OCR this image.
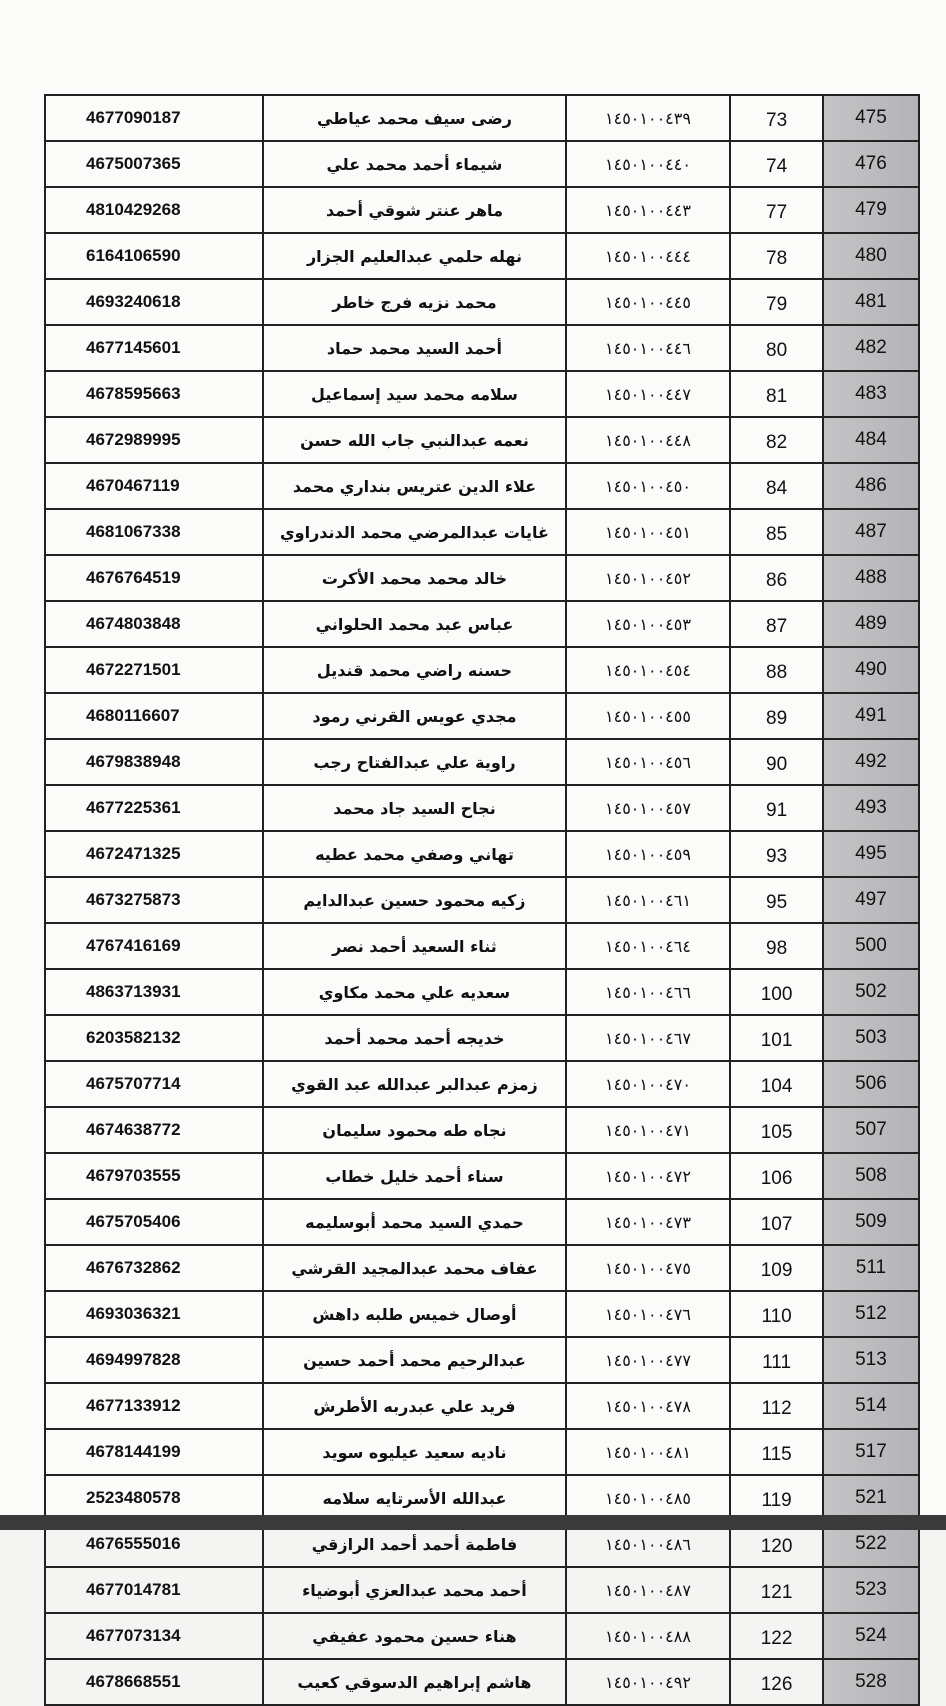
4677090187	رضى سيف محمد عياطي	١٤٥٠١٠٠٤٣٩	73	475
4675007365	شيماء أحمد محمد علي	١٤٥٠١٠٠٤٤٠	74	476
4810429268	ماهر عنتر شوقي أحمد	١٤٥٠١٠٠٤٤٣	77	479
6164106590	نهله حلمي عبدالعليم الجزار	١٤٥٠١٠٠٤٤٤	78	480
4693240618	محمد نزيه فرج خاطر	١٤٥٠١٠٠٤٤٥	79	481
4677145601	أحمد السيد محمد حماد	١٤٥٠١٠٠٤٤٦	80	482
4678595663	سلامه محمد سيد إسماعيل	١٤٥٠١٠٠٤٤٧	81	483
4672989995	نعمه عبدالنبي جاب الله حسن	١٤٥٠١٠٠٤٤٨	82	484
4670467119	علاء الدين عتريس بنداري محمد	١٤٥٠١٠٠٤٥٠	84	486
4681067338	غايات عبدالمرضي محمد الدندراوي	١٤٥٠١٠٠٤٥١	85	487
4676764519	خالد محمد محمد الأكرت	١٤٥٠١٠٠٤٥٢	86	488
4674803848	عباس عبد محمد الحلواني	١٤٥٠١٠٠٤٥٣	87	489
4672271501	حسنه راضي محمد قنديل	١٤٥٠١٠٠٤٥٤	88	490
4680116607	مجدي عويس القرني رمود	١٤٥٠١٠٠٤٥٥	89	491
4679838948	راوية علي عبدالفتاح رجب	١٤٥٠١٠٠٤٥٦	90	492
4677225361	نجاح السيد جاد محمد	١٤٥٠١٠٠٤٥٧	91	493
4672471325	تهاني وصفي محمد عطيه	١٤٥٠١٠٠٤٥٩	93	495
4673275873	زكيه محمود حسين عبدالدايم	١٤٥٠١٠٠٤٦١	95	497
4767416169	ثناء السعيد أحمد نصر	١٤٥٠١٠٠٤٦٤	98	500
4863713931	سعديه علي محمد مكاوي	١٤٥٠١٠٠٤٦٦	100	502
6203582132	خديجه أحمد محمد أحمد	١٤٥٠١٠٠٤٦٧	101	503
4675707714	زمزم عبدالبر عبدالله عبد القوي	١٤٥٠١٠٠٤٧٠	104	506
4674638772	نجاه طه محمود سليمان	١٤٥٠١٠٠٤٧١	105	507
4679703555	سناء أحمد خليل خطاب	١٤٥٠١٠٠٤٧٢	106	508
4675705406	حمدي السيد محمد أبوسليمه	١٤٥٠١٠٠٤٧٣	107	509
4676732862	عفاف محمد عبدالمجيد القرشي	١٤٥٠١٠٠٤٧٥	109	511
4693036321	أوصال خميس طلبه داهش	١٤٥٠١٠٠٤٧٦	110	512
4694997828	عبدالرحيم محمد أحمد حسين	١٤٥٠١٠٠٤٧٧	111	513
4677133912	فريد علي عبدربه الأطرش	١٤٥٠١٠٠٤٧٨	112	514
4678144199	ناديه سعيد عيليوه سويد	١٤٥٠١٠٠٤٨١	115	517
2523480578	عبدالله الأسرتايه سلامه	١٤٥٠١٠٠٤٨٥	119	521
4676555016	فاطمة أحمد أحمد الرازقي	١٤٥٠١٠٠٤٨٦	120	522
4677014781	أحمد محمد عبدالعزي أبوضياء	١٤٥٠١٠٠٤٨٧	121	523
4677073134	هناء حسين محمود عفيفي	١٤٥٠١٠٠٤٨٨	122	524
4678668551	هاشم إبراهيم الدسوقي كعيب	١٤٥٠١٠٠٤٩٢	126	528
